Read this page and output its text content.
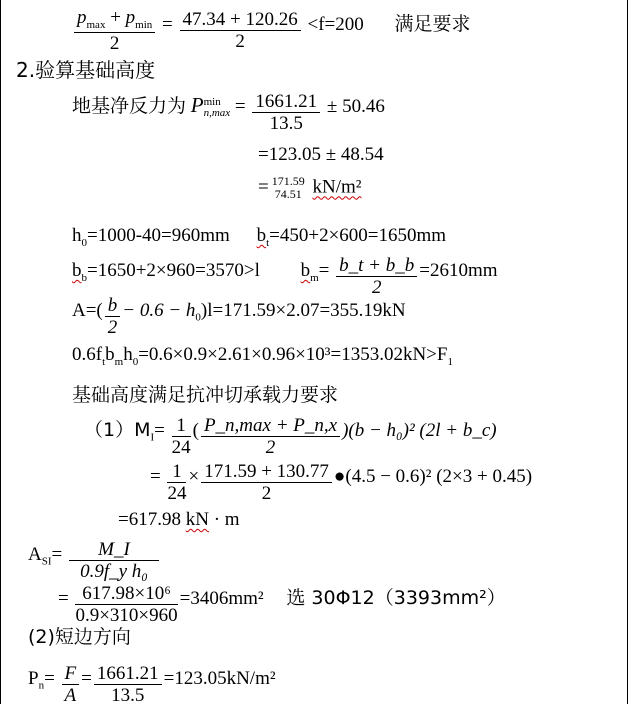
$\frac{p_{max} + p_{min}}{2} = \frac{47.34 + 120.26}{2} <f=200$ 满足要求
2.验算基础高度
地基净反力为 P min
$n,\max = \frac{1661.21}{13.5} \pm 50.46$
=123.05 ± 48.54
= 171.59
74.51 kN/m²
$h_0=1000-40=960mm$ $b_t=450+2\times 600=1650mm$
$b_b=1650+2\times 960=3570>l$ $b_m= \frac{b\_t + b\_b}{2} =2610mm$
$A=( \frac{b}{2} - 0.6 - h_0)l=171.59\times 2.07=355.19kN$
$0.6f_tb_mh_0=0.6\times 0.9\times 2.61\times 0.96\times 10^3=1353.02kN>F_1$
基础高度满足抗冲切承载力要求
$(1)M_I= \frac{1}{24}$ ( $\frac{P\_n,\max + P\_n,x}{2} )(b - h_0)^2$ (2l + b_c)
= $\frac{1}{24} \times \frac{171.59 + 130.77}{2}$ ●(4.5 − 0.6)² (2×3 + 0.45)
=617.98 kN · m
$A_{SI}= \frac{M\_I}{\text{0.9f\_y h₀}}$
= $\frac{\text{617.98×10⁶}}{0.9\times 310\times 960} =3406mm^2$ 选 30Φ12（3393mm²）
(2)短边方向
$P_n= \frac{F}{A} = \frac{1661.21}{13.5} =123.05kN/m^2$
